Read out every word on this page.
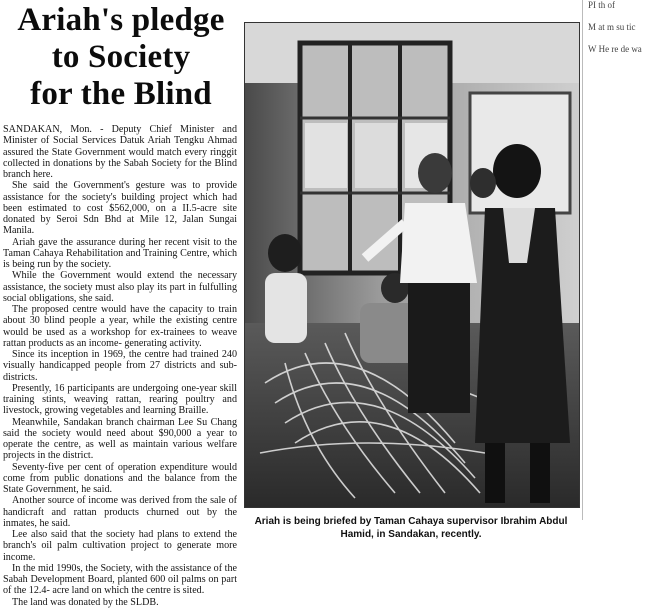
Ariah's pledge
to Society
for the Blind

SANDAKAN, Mon. - Deputy Chief Minister and Minister of Social Services Datuk Ariah Tengku Ahmad assured the State Government would match every ringgit collected in donations by the Sabah Society for the Blind branch here.

She said the Government's gesture was to provide assistance for the society's building project which had been estimated to cost $562,000, on a II.5-acre site donated by Seroi Sdn Bhd at Mile 12, Jalan Sungai Manila.

Ariah gave the assurance during her recent visit to the Taman Cahaya Rehabilitation and Training Centre, which is being run by the society.

While the Government would extend the necessary assistance, the society must also play its part in fulfulling social obligations, she said.

The proposed centre would have the capacity to train about 30 blind people a year, while the existing centre would be used as a workshop for ex-trainees to weave rattan products as an income- generating activity.

Since its inception in 1969, the centre had trained 240 visually handicapped people from 27 districts and sub-districts.

Presently, 16 participants are undergoing one-year skill training stints, weaving rattan, rearing poultry and livestock, growing vegetables and learning Braille.

Meanwhile, Sandakan branch chairman Lee Su Chang said the society would need about $90,000 a year to operate the centre, as well as maintain various welfare projects in the district.

Seventy-five per cent of operation expenditure would come from public donations and the balance from the State Government, he said.

Another source of income was derived from the sale of handicraft and rattan products churned out by the inmates, he said.

Lee also said that the society had plans to extend the branch's oil palm cultivation project to generate more income.

In the mid 1990s, the Society, with the assistance of the Sabah Development Board, planted 600 oil palms on part of the 12.4- acre land on which the centre is sited.

The land was donated by the SLDB.

Ariah is being briefed by Taman Cahaya supervisor Ibrahim Abdul Hamid, in Sandakan, recently.

PI th of

M at m su tic

W He re de wa
